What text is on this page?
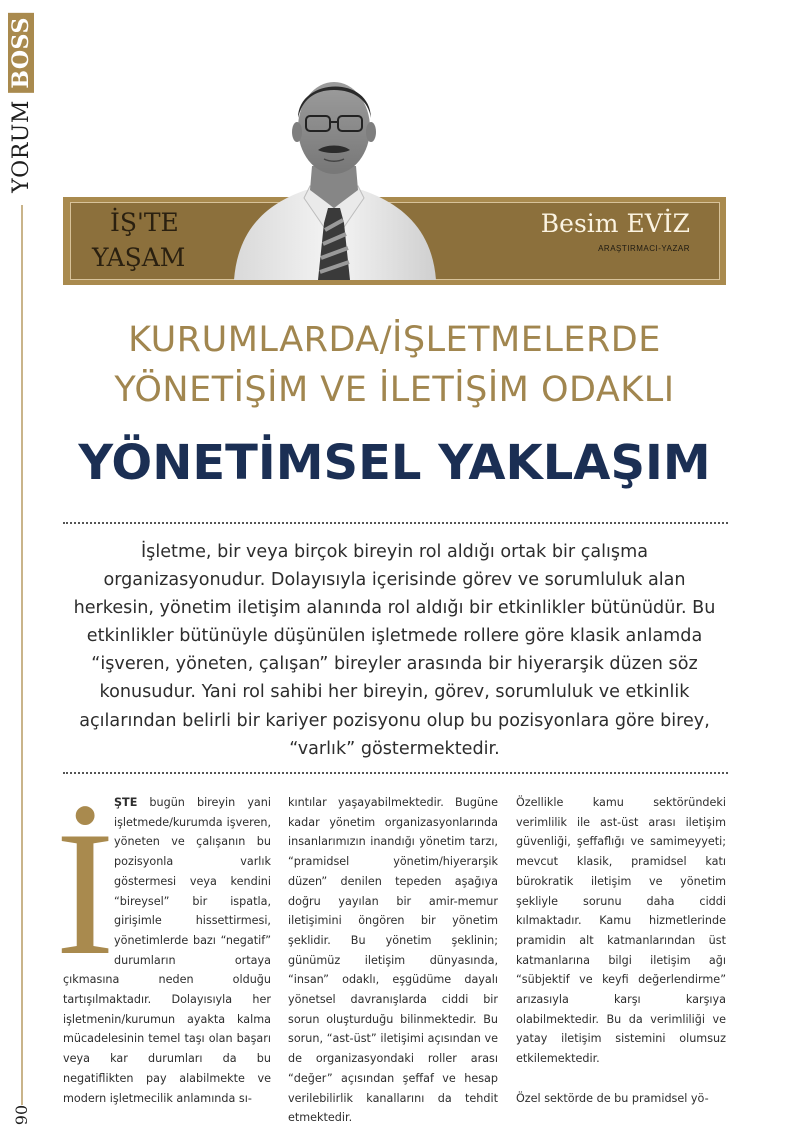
YORUM BOSS
06
İŞ'TE
YAŞAM
Besim EVİZ
ARAŞTIRMACI-YAZAR
KURUMLARDA/İŞLETMELERDE
YÖNETİŞİM VE İLETİŞİM ODAKLI
YÖNETİMSEL YAKLAŞIM
İşletme, bir veya birçok bireyin rol aldığı ortak bir çalışma organizasyonudur. Dolayısıyla içerisinde görev ve sorumluluk alan herkesin, yönetim iletişim alanında rol aldığı bir etkinlikler bütünüdür. Bu etkinlikler bütünüyle düşünülen işletmede rollere göre klasik anlamda “işveren, yöneten, çalışan” bireyler arasında bir hiyerarşik düzen söz konusudur. Yani rol sahibi her bireyin, görev, sorumluluk ve etkinlik açılarından belirli bir kariyer pozisyonu olup bu pozisyonlara göre birey, “varlık” göstermektedir.
İ ŞTE bugün bireyin yani işletmede/kurumda işveren, yöneten ve çalışanın bu pozisyonla varlık göstermesi veya kendini “bireysel” bir ispatla, girişimle hissettirmesi, yönetimlerde bazı “negatif” durumların ortaya çıkmasına neden olduğu tartışılmaktadır. Dolayısıyla her işletmenin/kurumun ayakta kalma mücadelesinin temel taşı olan başarı veya kar durumları da bu negatiflikten pay alabilmekte ve modern işletmecilik anlamında sı-

kıntılar yaşayabilmektedir. Bugüne kadar yönetim organizasyonlarında insanlarımızın inandığı yönetim tarzı, “pramidsel yönetim/hiyerarşik düzen” denilen tepeden aşağıya doğru yayılan bir amir-memur iletişimini öngören bir yönetim şeklidir. Bu yönetim şeklinin; günümüz iletişim dünyasında, “insan” odaklı, eşgüdüme dayalı yönetsel davranışlarda ciddi bir sorun oluşturduğu bilinmektedir. Bu sorun, “ast-üst” iletişimi açısından ve de organizasyondaki roller arası “değer” açısından şeffaf ve hesap verilebilirlik kanallarını da tehdit etmektedir.

Özellikle kamu sektöründeki verimlilik ile ast-üst arası iletişim güvenliği, şeffaflığı ve samimeyyeti; mevcut klasik, pramidsel katı bürokratik iletişim ve yönetim şekliyle sorunu daha ciddi kılmaktadır. Kamu hizmetlerinde pramidin alt katmanlarından üst katmanlarına bilgi iletişim ağı “sübjektif ve keyfi değerlendirme” arızasıyla karşı karşıya olabilmektedir. Bu da verimliliği ve yatay iletişim sistemini olumsuz etkilemektedir.

Özel sektörde de bu pramidsel yö-
